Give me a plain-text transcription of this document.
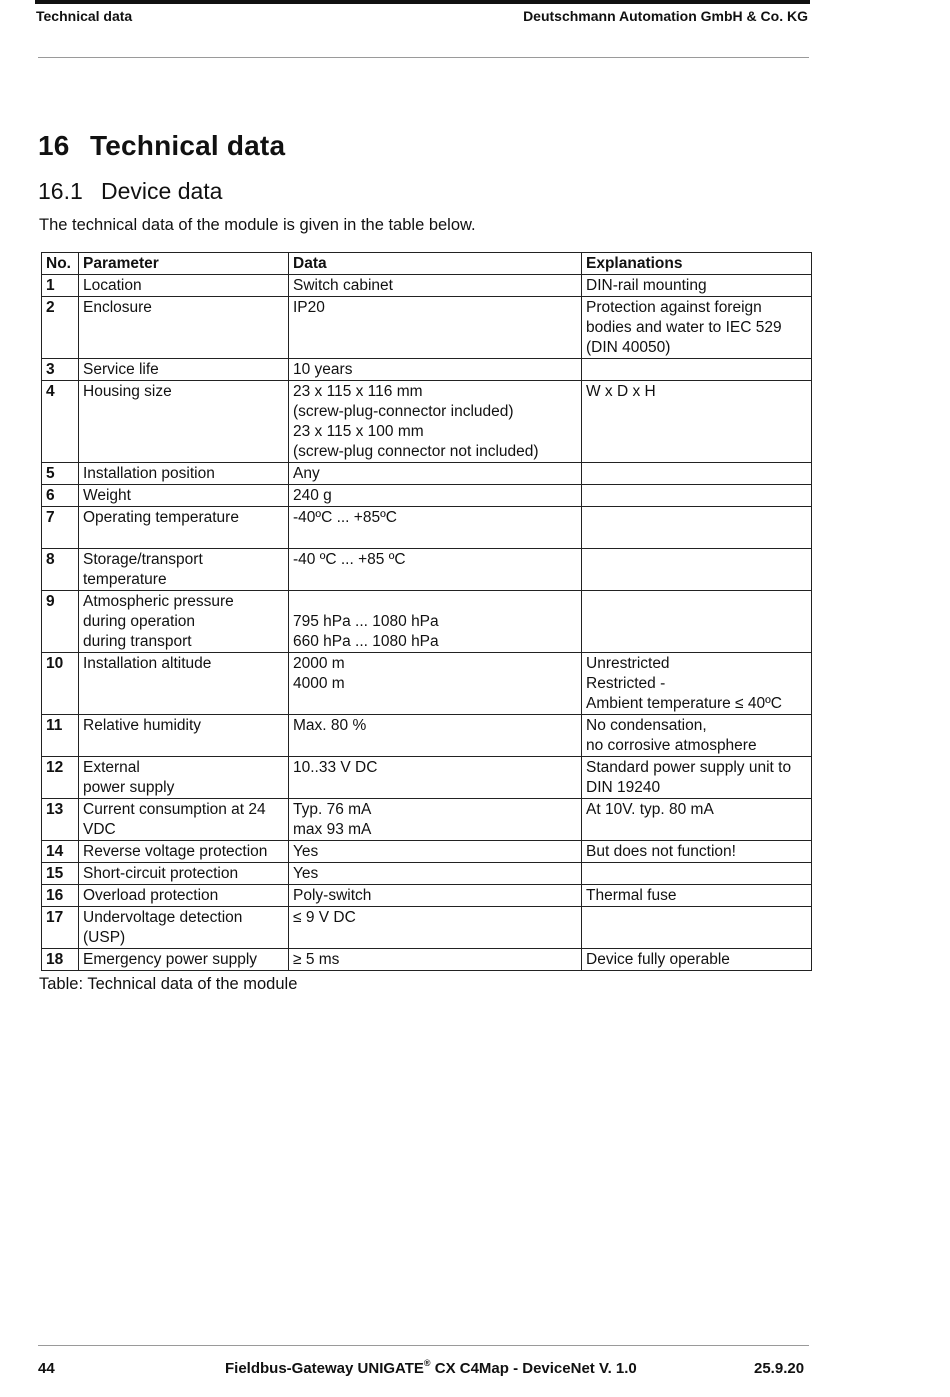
Technical data	Deutschmann Automation GmbH & Co. KG
16 Technical data
16.1 Device data
The technical data of the module is given in the table below.
No.	Parameter	Data	Explanations
1	Location	Switch cabinet	DIN-rail mounting

2	Enclosure	IP20	Protection against foreign
bodies and water to IEC 529
(DIN 40050)

3	Service life	10 years	

4	Housing size	23 x 115 x 116 mm
(screw-plug-connector included)
23 x 115 x 100 mm
(screw-plug connector not included)	W x D x H

5	Installation position	Any	

6	Weight	240 g	

7	Operating temperature	-40ºC ... +85ºC	

8	Storage/transport
temperature	-40 ºC ... +85 ºC	

9	Atmospheric pressure
during operation
during transport	795 hPa ... 1080 hPa
660 hPa ... 1080 hPa	

10	Installation altitude	2000 m
4000 m	Unrestricted
Restricted -
Ambient temperature ≤ 40ºC

11	Relative humidity	Max. 80 %	No condensation,
no corrosive atmosphere

12	External
power supply	10..33 V DC	Standard power supply unit to
DIN 19240

13	Current consumption at 24
VDC	Typ. 76 mA
max 93 mA	At 10V. typ. 80 mA

14	Reverse voltage protection	Yes	But does not function!

15	Short-circuit protection	Yes	

16	Overload protection	Poly-switch	Thermal fuse

17	Undervoltage detection
(USP)	≤ 9 V DC	

18	Emergency power supply	≥ 5 ms	Device fully operable
Table: Technical data of the module
44	Fieldbus-Gateway UNIGATE® CX C4Map - DeviceNet V. 1.0	25.9.20
